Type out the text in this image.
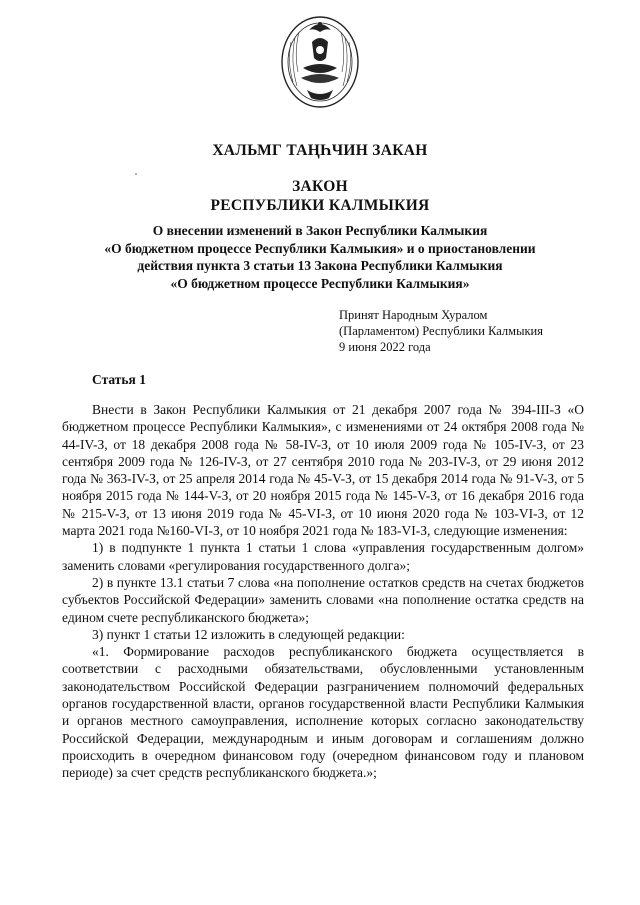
ХАЛЬМГ ТАҢҺЧИН ЗАКАН
ЗАКОН
РЕСПУБЛИКИ КАЛМЫКИЯ
О внесении изменений в Закон Республики Калмыкия
«О бюджетном процессе Республики Калмыкия» и о приостановлении
действия пункта 3 статьи 13 Закона Республики Калмыкия
«О бюджетном процессе Республики Калмыкия»
Принят Народным Хуралом
(Парламентом) Республики Калмыкия
9 июня 2022 года
Статья 1

Внести в Закон Республики Калмыкия от 21 декабря 2007 года № 394-III-З «О бюджетном процессе Республики Калмыкия», с изменениями от 24 октября 2008 года № 44-IV-З, от 18 декабря 2008 года № 58-IV-З, от 10 июля 2009 года № 105-IV-З, от 23 сентября 2009 года № 126-IV-З, от 27 сентября 2010 года № 203-IV-З, от 29 июня 2012 года № 363-IV-З, от 25 апреля 2014 года № 45-V-З, от 15 декабря 2014 года № 91-V-З, от 5 ноября 2015 года № 144-V-З, от 20 ноября 2015 года № 145-V-З, от 16 декабря 2016 года № 215-V-З, от 13 июня 2019 года № 45-VI-З, от 10 июня 2020 года № 103-VI-З, от 12 марта 2021 года №160-VI-З, от 10 ноября 2021 года № 183-VI-З, следующие изменения:

1) в подпункте 1 пункта 1 статьи 1 слова «управления государственным долгом» заменить словами «регулирования государственного долга»;

2) в пункте 13.1 статьи 7 слова «на пополнение остатков средств на счетах бюджетов субъектов Российской Федерации» заменить словами «на пополнение остатка средств на едином счете республиканского бюджета»;

3) пункт 1 статьи 12 изложить в следующей редакции:

«1. Формирование расходов республиканского бюджета осуществляется в соответствии с расходными обязательствами, обусловленными установленным законодательством Российской Федерации разграничением полномочий федеральных органов государственной власти, органов государственной власти Республики Калмыкия и органов местного самоуправления, исполнение которых согласно законодательству Российской Федерации, международным и иным договорам и соглашениям должно происходить в очередном финансовом году (очередном финансовом году и плановом периоде) за счет средств республиканского бюджета.»;
